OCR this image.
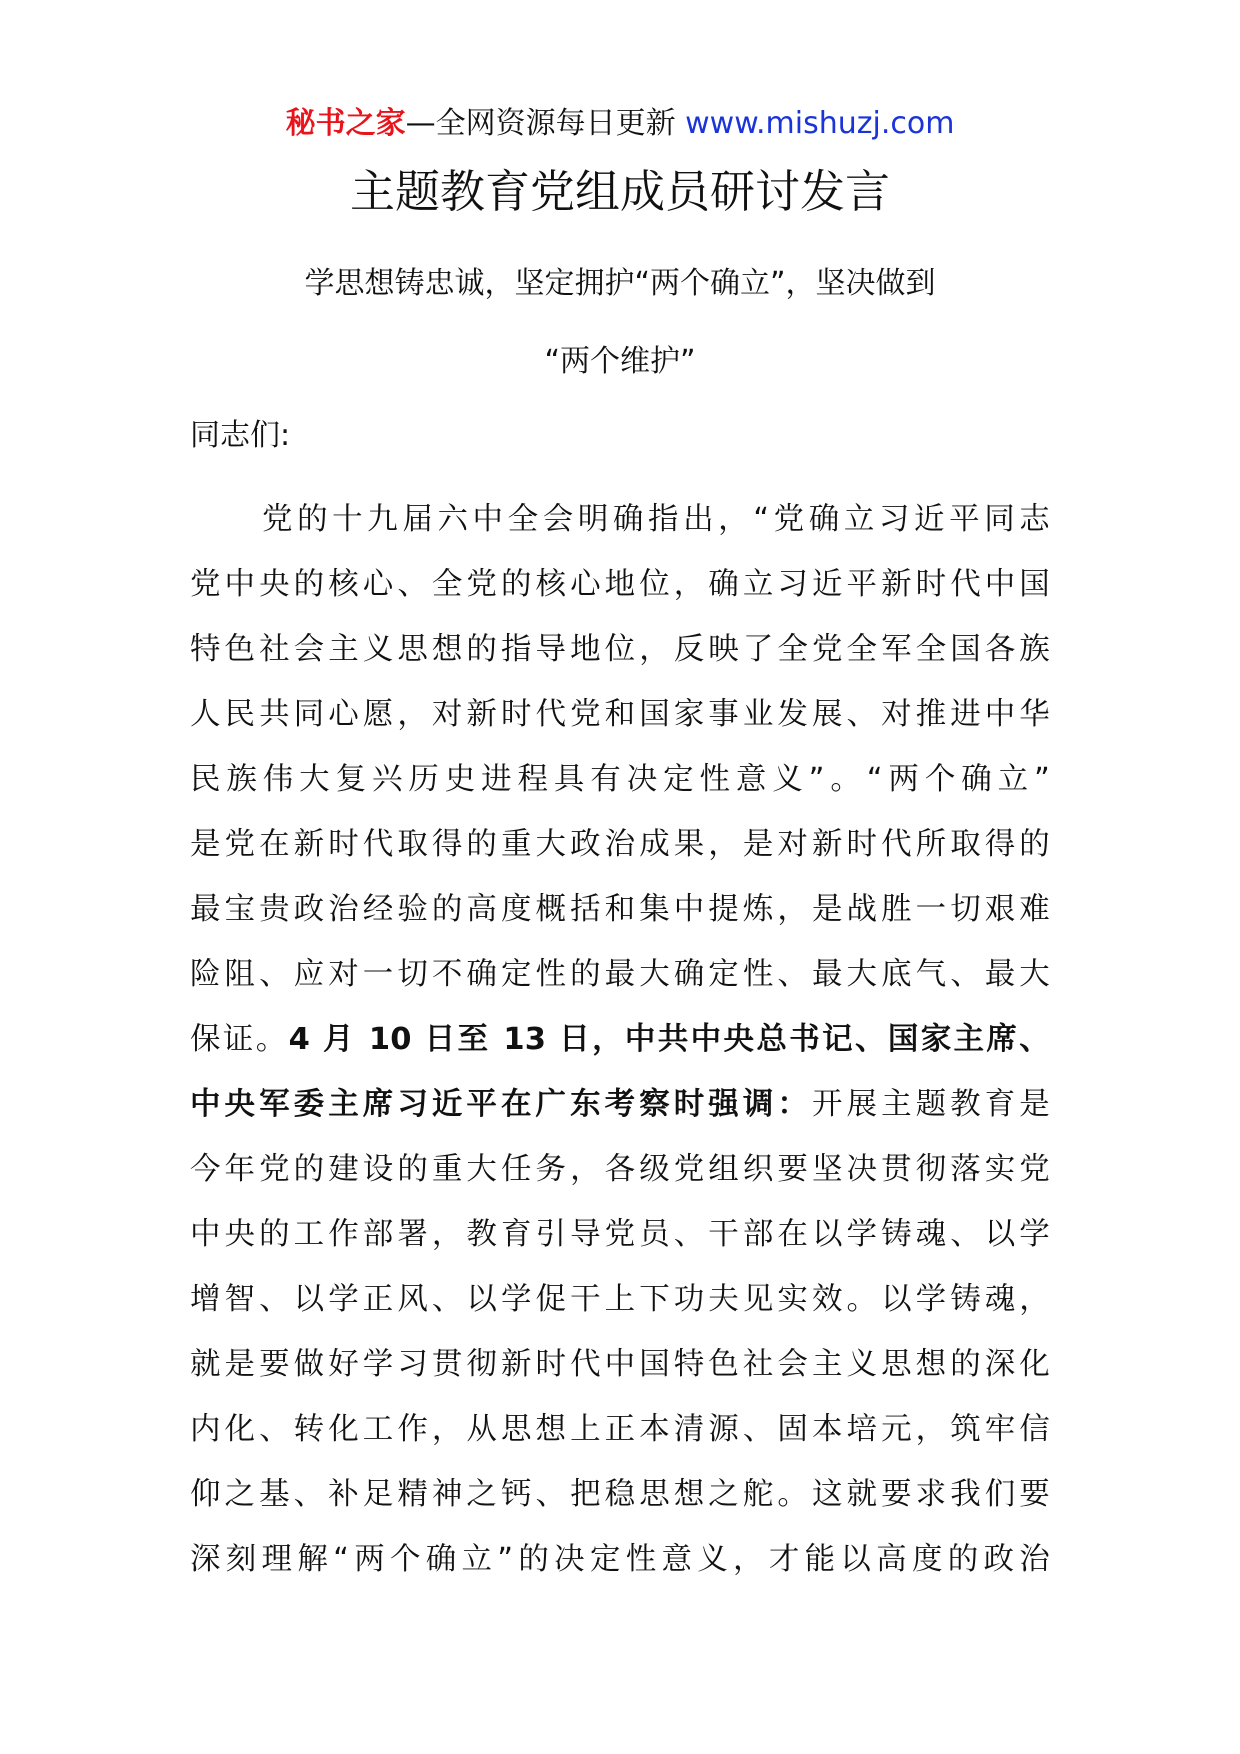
秘书之家—全网资源每日更新 www.mishuzj.com
主题教育党组成员研讨发言

学思想铸忠诚，坚定拥护“两个确立”，坚决做到

“两个维护”

同志们:

党的十九届六中全会明确指出，“党确立习近平同志
党中央的核心、全党的核心地位，确立习近平新时代中国
特色社会主义思想的指导地位，反映了全党全军全国各族
人民共同心愿，对新时代党和国家事业发展、对推进中华
民族伟大复兴历史进程具有决定性意义”。“两个确立”
是党在新时代取得的重大政治成果，是对新时代所取得的
最宝贵政治经验的高度概括和集中提炼，是战胜一切艰难
险阻、应对一切不确定性的最大确定性、最大底气、最大
保证。4 月 10 日至 13 日，中共中央总书记、国家主席、
中央军委主席习近平在广东考察时强调：开展主题教育是
今年党的建设的重大任务，各级党组织要坚决贯彻落实党
中央的工作部署，教育引导党员、干部在以学铸魂、以学
增智、以学正风、以学促干上下功夫见实效。以学铸魂，
就是要做好学习贯彻新时代中国特色社会主义思想的深化
内化、转化工作，从思想上正本清源、固本培元，筑牢信
仰之基、补足精神之钙、把稳思想之舵。这就要求我们要
深刻理解“两个确立”的决定性意义，才能以高度的政治
